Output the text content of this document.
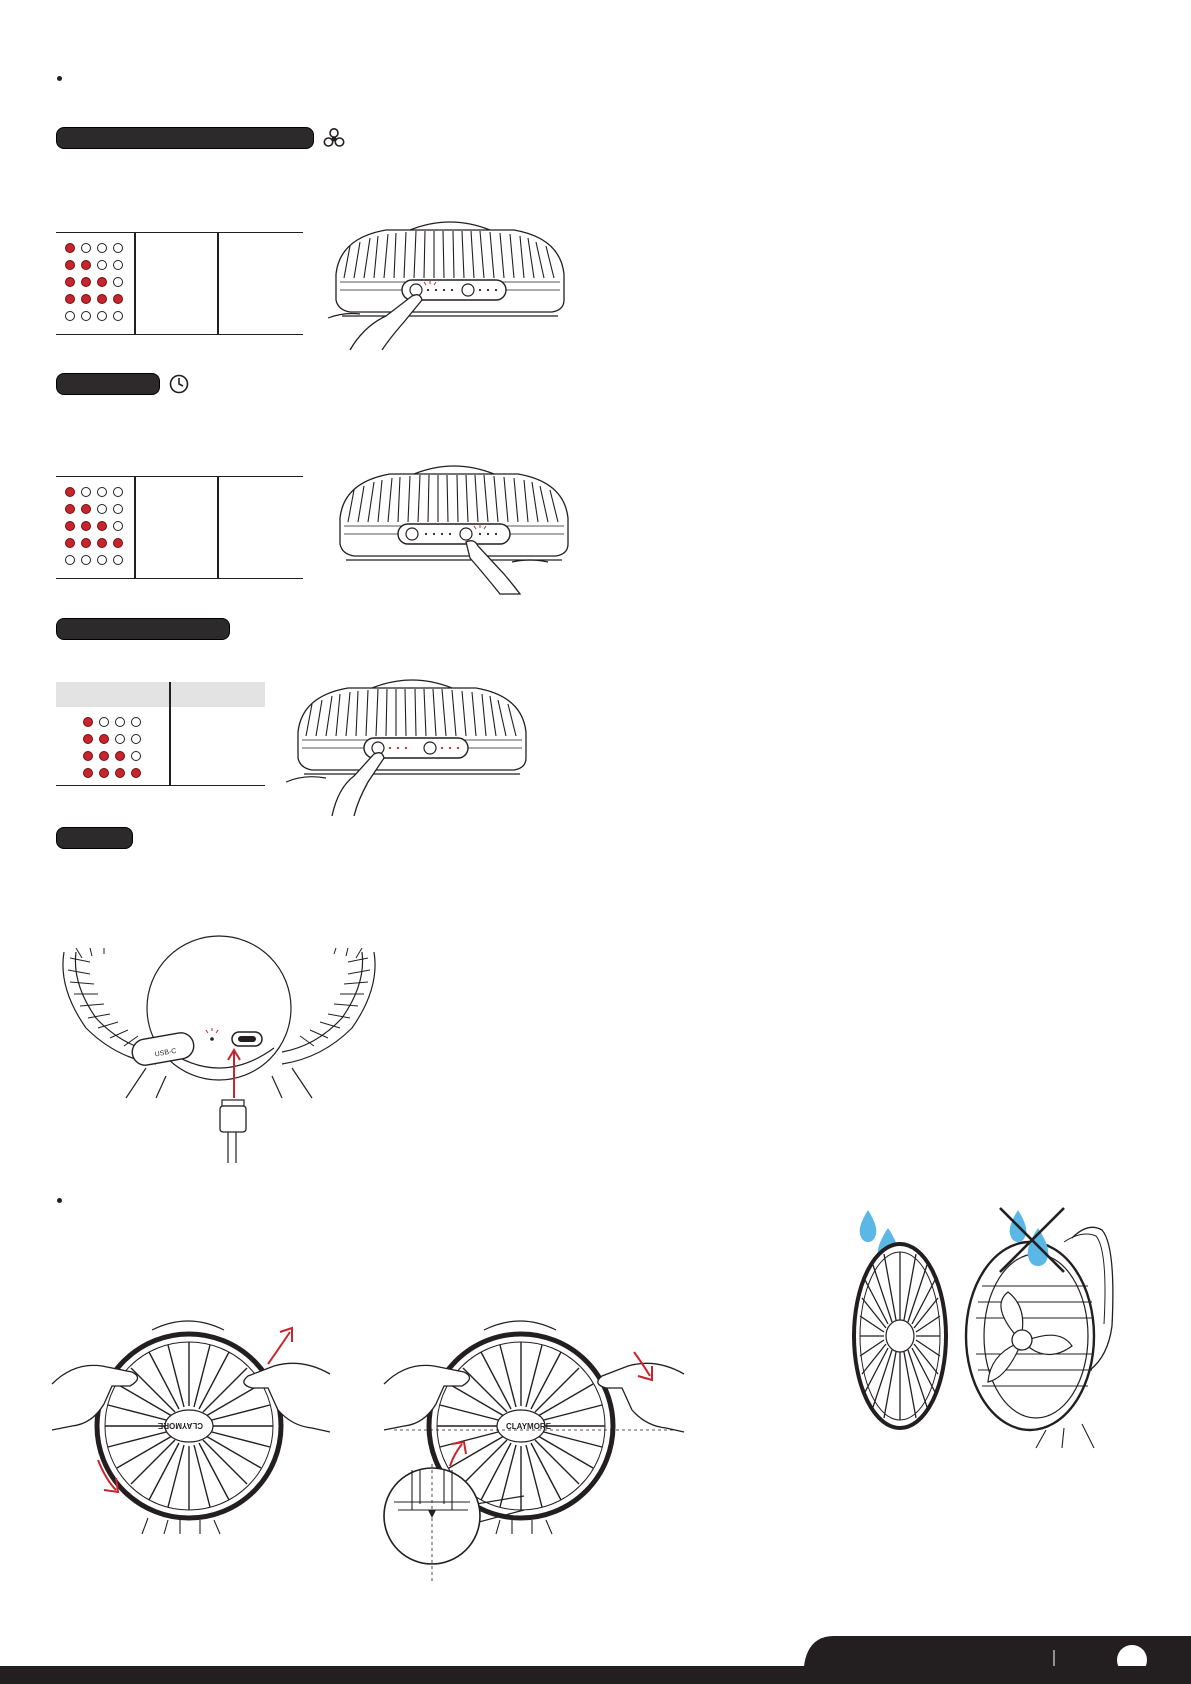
USB-C
CLAYMORE	CLAYMORE
